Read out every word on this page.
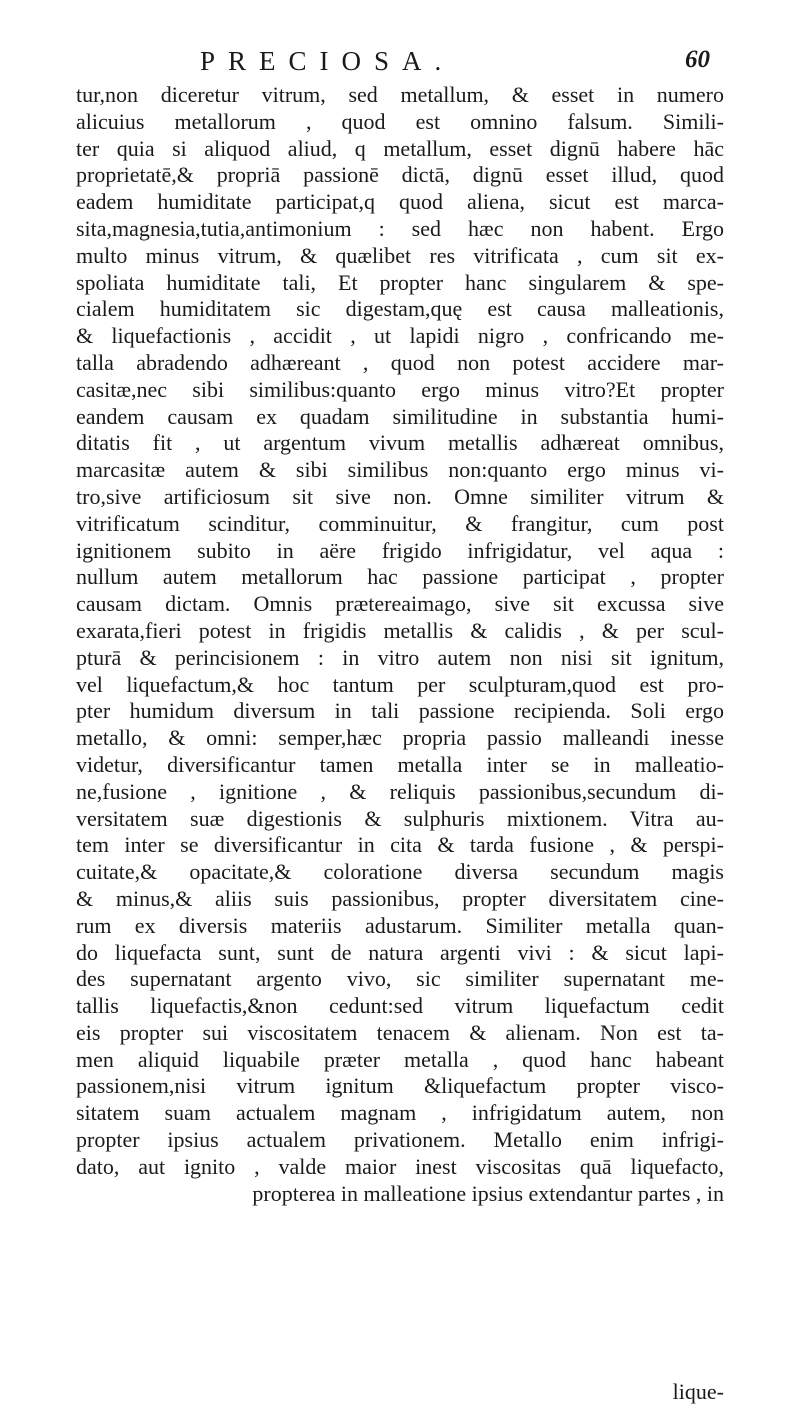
PRECIOSA.	60
tur,non diceretur vitrum, sed metallum, & esset in numero
alicuius metallorum , quod est omnino falsum. Simili-
ter quia si aliquod aliud, q metallum, esset dignū habere hāc
proprietatē,& propriā passionē dictā, dignū esset illud, quod
eadem humiditate participat,q quod aliena, sicut est marca-
sita,magnesia,tutia,antimonium : sed hæc non habent. Ergo
multo minus vitrum, & quælibet res vitrificata , cum sit ex-
spoliata humiditate tali, Et propter hanc singularem & spe-
cialem humiditatem sic digestam,quę est causa malleationis,
& liquefactionis , accidit , ut lapidi nigro , confricando me-
talla abradendo adhæreant , quod non potest accidere mar-
casitæ,nec sibi similibus:quanto ergo minus vitro?Et propter
eandem causam ex quadam similitudine in substantia humi-
ditatis fit , ut argentum vivum metallis adhæreat omnibus,
marcasitæ autem & sibi similibus non:quanto ergo minus vi-
tro,sive artificiosum sit sive non. Omne similiter vitrum &
vitrificatum scinditur, comminuitur, & frangitur, cum post
ignitionem subito in aëre frigido infrigidatur, vel aqua :
nullum autem metallorum hac passione participat , propter
causam dictam. Omnis prætereaimago, sive sit excussa sive
exarata,fieri potest in frigidis metallis & calidis , & per scul-
pturā & perincisionem : in vitro autem non nisi sit ignitum,
vel liquefactum,& hoc tantum per sculpturam,quod est pro-
pter humidum diversum in tali passione recipienda. Soli ergo
metallo, & omni: semper,hæc propria passio malleandi inesse
videtur, diversificantur tamen metalla inter se in malleatio-
ne,fusione , ignitione , & reliquis passionibus,secundum di-
versitatem suæ digestionis & sulphuris mixtionem. Vitra au-
tem inter se diversificantur in cita & tarda fusione , & perspi-
cuitate,& opacitate,& coloratione diversa secundum magis
& minus,& aliis suis passionibus, propter diversitatem cine-
rum ex diversis materiis adustarum. Similiter metalla quan-
do liquefacta sunt, sunt de natura argenti vivi : & sicut lapi-
des supernatant argento vivo, sic similiter supernatant me-
tallis liquefactis,&non cedunt:sed vitrum liquefactum cedit
eis propter sui viscositatem tenacem & alienam. Non est ta-
men aliquid liquabile præter metalla , quod hanc habeant
passionem,nisi vitrum ignitum &liquefactum propter visco-
sitatem suam actualem magnam , infrigidatum autem, non
propter ipsius actualem privationem. Metallo enim infrigi-
dato, aut ignito , valde maior inest viscositas quā liquefacto,
propterea in malleatione ipsius extendantur partes , in
lique-
